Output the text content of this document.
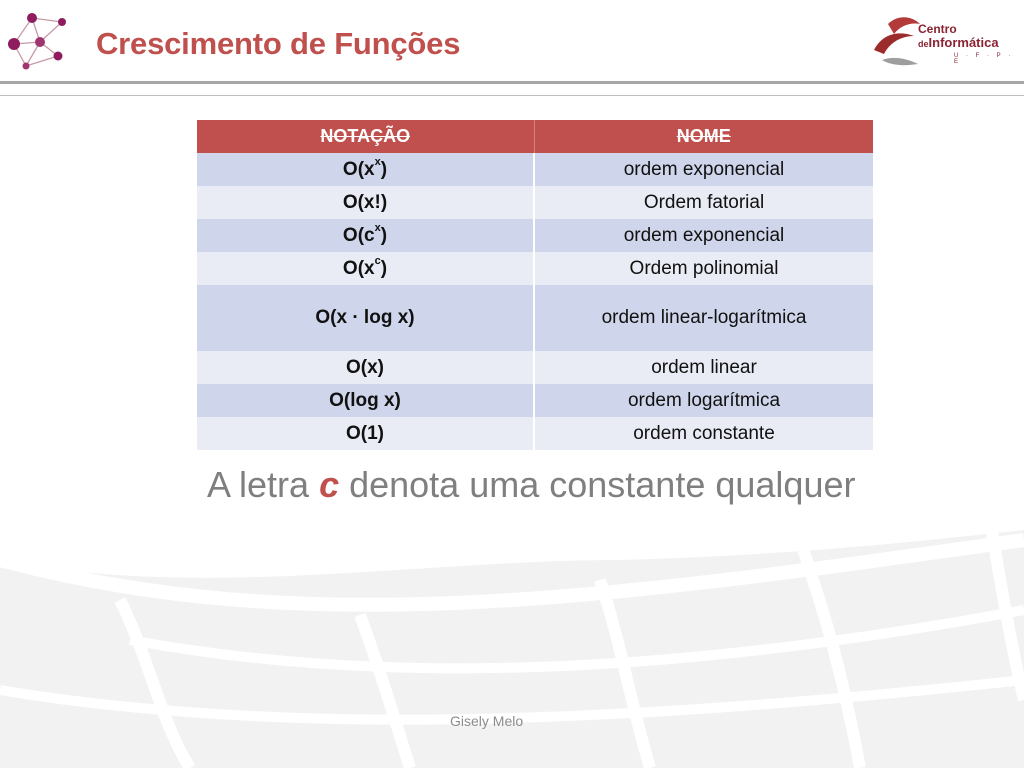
Crescimento de Funções	Centro
deInformática
U · F · P · E
NOTAÇÃO	NOME
$O(x^x)$	ordem exponencial
O(x!)	Ordem fatorial
$O(c^x)$	ordem exponencial
$O(x^c)$	Ordem polinomial
O(x · log x)	ordem linear-logarítmica
O(x)	ordem linear
O(log x)	ordem logarítmica
O(1)	ordem constante
A letra c denota uma constante qualquer
Gisely Melo
